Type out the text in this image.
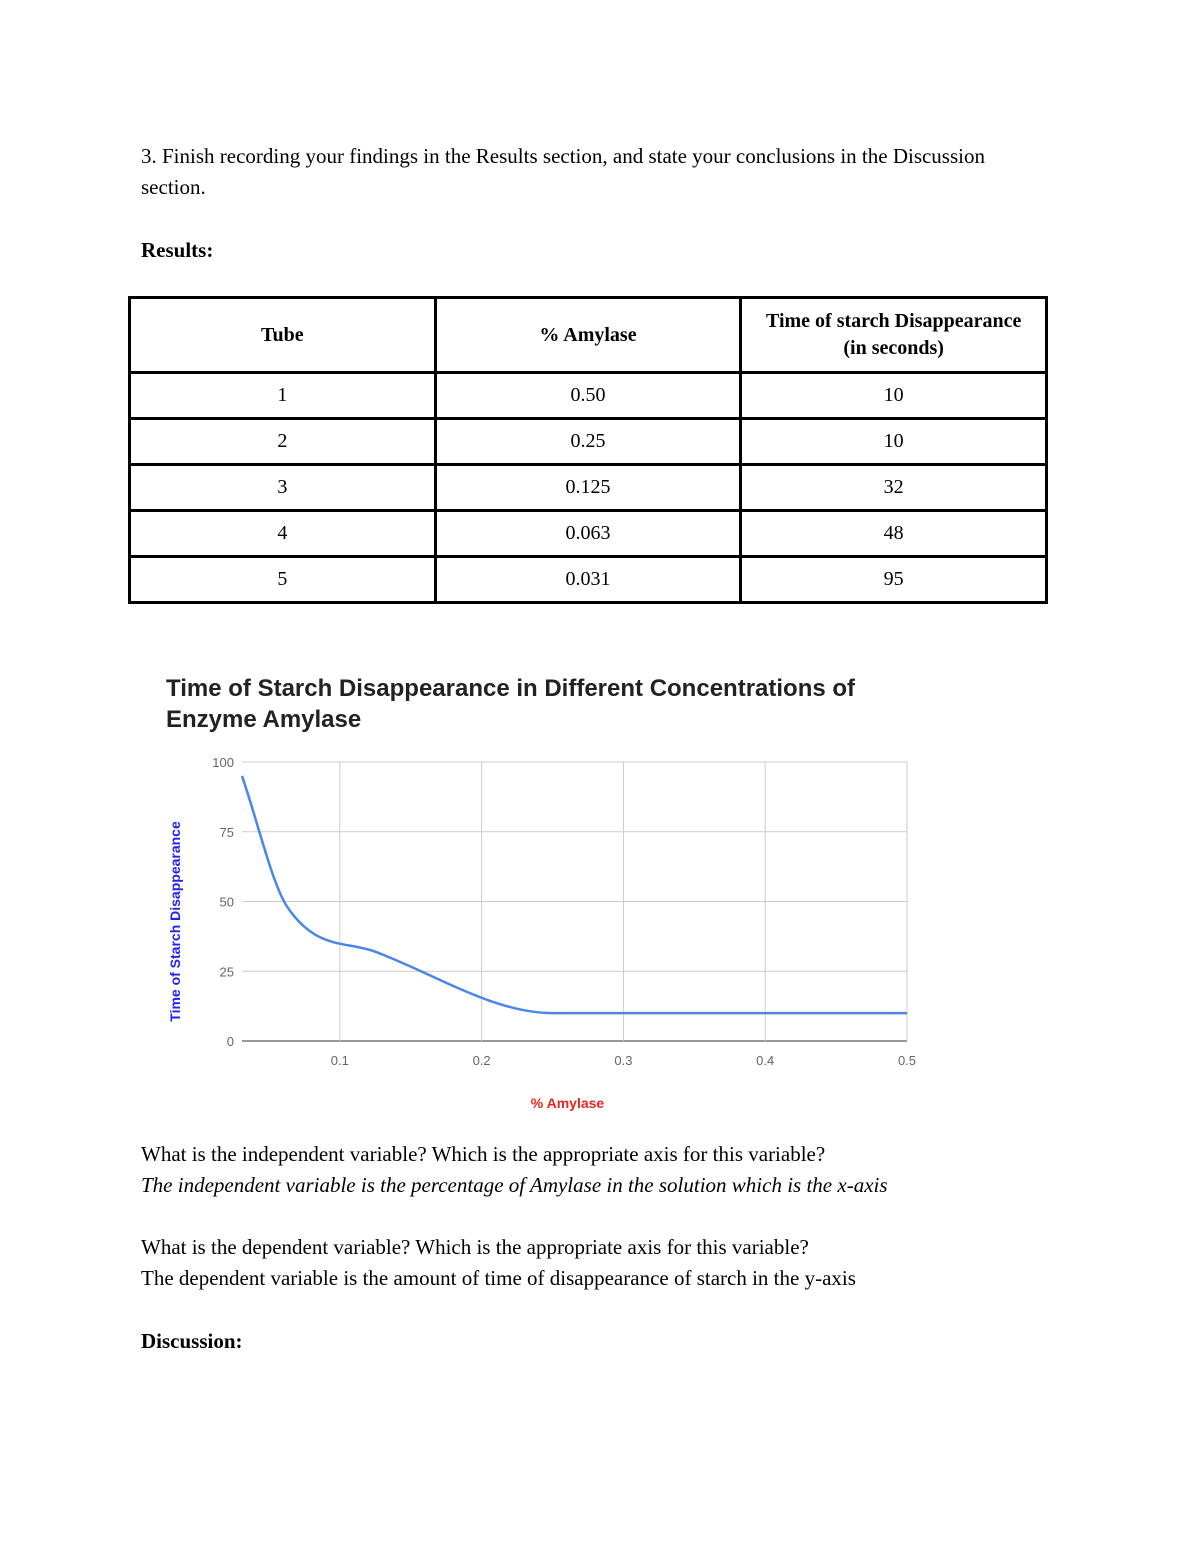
3. Finish recording your findings in the Results section, and state your conclusions in the Discussion section.

Results:

Tube	% Amylase	Time of starch Disappearance (in seconds)
1	0.50	10
2	0.25	10
3	0.125	32
4	0.063	48
5	0.031	95
Time of Starch Disappearance in Different Concentrations of Enzyme Amylase
0
25
50
75
100
0.1	0.2	0.3	0.4	0.5
% Amylase
Time of Starch Disappearance

What is the independent variable? Which is the appropriate axis for this variable?

The independent variable is the percentage of Amylase in the solution which is the x-axis

What is the dependent variable? Which is the appropriate axis for this variable?

The dependent variable is the amount of time of disappearance of starch in the y-axis

Discussion:
